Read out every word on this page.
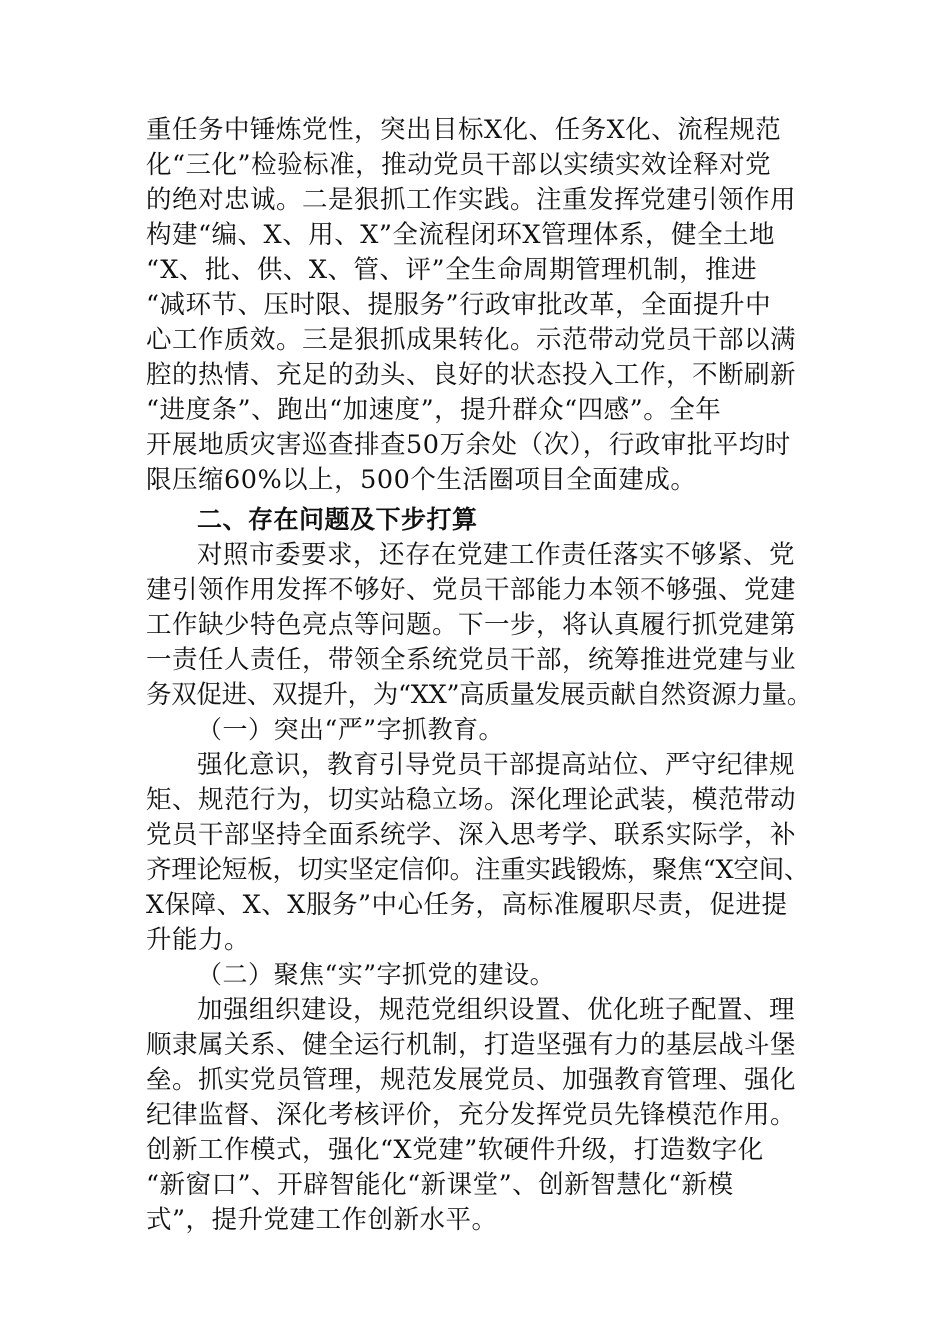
重任务中锤炼党性，突出目标X化、任务X化、流程规范

化“三化”检验标准，推动党员干部以实绩实效诠释对党

的绝对忠诚。二是狠抓工作实践。注重发挥党建引领作用

构建“编、X、用、X”全流程闭环X管理体系，健全土地

“X、批、供、X、管、评”全生命周期管理机制，推进

“减环节、压时限、提服务”行政审批改革，全面提升中

心工作质效。三是狠抓成果转化。示范带动党员干部以满

腔的热情、充足的劲头、良好的状态投入工作，不断刷新

“进度条”、跑出“加速度”，提升群众“四感”。全年

开展地质灾害巡查排查50万余处（次），行政审批平均时

限压缩60%以上，500个生活圈项目全面建成。

二、存在问题及下步打算

对照市委要求，还存在党建工作责任落实不够紧、党

建引领作用发挥不够好、党员干部能力本领不够强、党建

工作缺少特色亮点等问题。下一步，将认真履行抓党建第

一责任人责任，带领全系统党员干部，统筹推进党建与业

务双促进、双提升，为“XX”高质量发展贡献自然资源力量。

（一）突出“严”字抓教育。

强化意识，教育引导党员干部提高站位、严守纪律规

矩、规范行为，切实站稳立场。深化理论武装，模范带动

党员干部坚持全面系统学、深入思考学、联系实际学，补

齐理论短板，切实坚定信仰。注重实践锻炼，聚焦“X空间、

X保障、X、X服务”中心任务，高标准履职尽责，促进提

升能力。

（二）聚焦“实”字抓党的建设。

加强组织建设，规范党组织设置、优化班子配置、理

顺隶属关系、健全运行机制，打造坚强有力的基层战斗堡

垒。抓实党员管理，规范发展党员、加强教育管理、强化

纪律监督、深化考核评价，充分发挥党员先锋模范作用。

创新工作模式，强化“X党建”软硬件升级，打造数字化

“新窗口”、开辟智能化“新课堂”、创新智慧化“新模

式”，提升党建工作创新水平。
